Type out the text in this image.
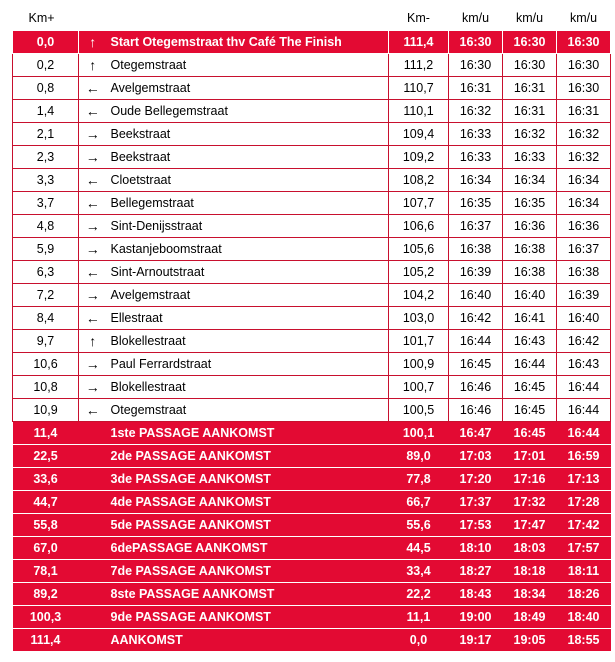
Km+			Km-	km/u	km/u	km/u
0,0	↑	Start Otegemstraat thv Café The Finish	111,4	16:30	16:30	16:30
0,2	↑	Otegemstraat	111,2	16:30	16:30	16:30
0,8	←	Avelgemstraat	110,7	16:31	16:31	16:30
1,4	←	Oude Bellegemstraat	110,1	16:32	16:31	16:31
2,1	→	Beekstraat	109,4	16:33	16:32	16:32
2,3	→	Beekstraat	109,2	16:33	16:33	16:32
3,3	←	Cloetstraat	108,2	16:34	16:34	16:34
3,7	←	Bellegemstraat	107,7	16:35	16:35	16:34
4,8	→	Sint-Denijsstraat	106,6	16:37	16:36	16:36
5,9	→	Kastanjeboomstraat	105,6	16:38	16:38	16:37
6,3	←	Sint-Arnoutstraat	105,2	16:39	16:38	16:38
7,2	→	Avelgemstraat	104,2	16:40	16:40	16:39
8,4	←	Ellestraat	103,0	16:42	16:41	16:40
9,7	↑	Blokellestraat	101,7	16:44	16:43	16:42
10,6	→	Paul Ferrardstraat	100,9	16:45	16:44	16:43
10,8	→	Blokellestraat	100,7	16:46	16:45	16:44
10,9	←	Otegemstraat	100,5	16:46	16:45	16:44
11,4		1ste PASSAGE AANKOMST	100,1	16:47	16:45	16:44
22,5		2de PASSAGE AANKOMST	89,0	17:03	17:01	16:59
33,6		3de PASSAGE AANKOMST	77,8	17:20	17:16	17:13
44,7		4de PASSAGE AANKOMST	66,7	17:37	17:32	17:28
55,8		5de PASSAGE AANKOMST	55,6	17:53	17:47	17:42
67,0		6dePASSAGE AANKOMST	44,5	18:10	18:03	17:57
78,1		7de PASSAGE AANKOMST	33,4	18:27	18:18	18:11
89,2		8ste PASSAGE AANKOMST	22,2	18:43	18:34	18:26
100,3		9de PASSAGE AANKOMST	11,1	19:00	18:49	18:40
111,4		AANKOMST	0,0	19:17	19:05	18:55
